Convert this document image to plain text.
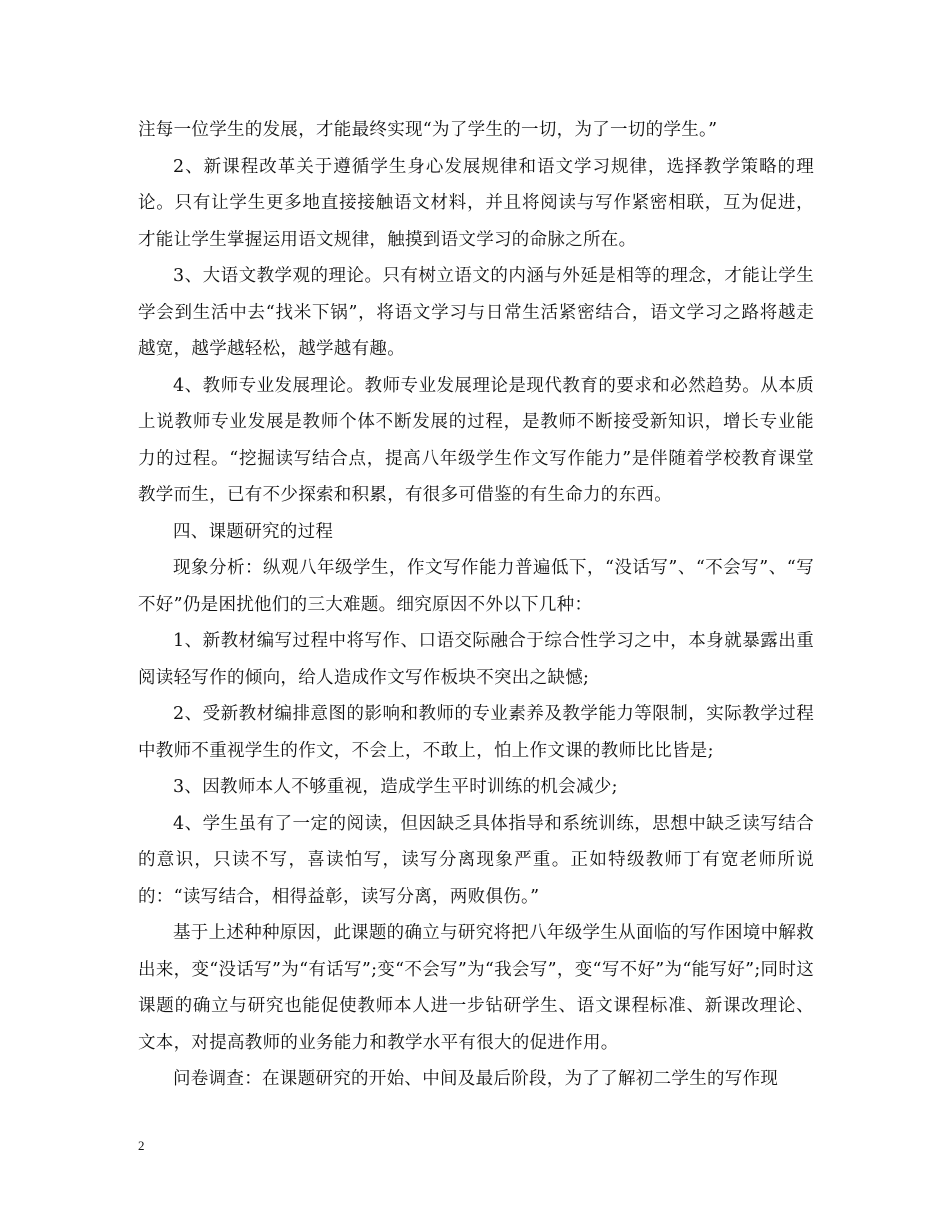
注每一位学生的发展，才能最终实现“为了学生的一切，为了一切的学生。”

2、新课程改革关于遵循学生身心发展规律和语文学习规律，选择教学策略的理论。只有让学生更多地直接接触语文材料，并且将阅读与写作紧密相联，互为促进，才能让学生掌握运用语文规律，触摸到语文学习的命脉之所在。

3、大语文教学观的理论。只有树立语文的内涵与外延是相等的理念，才能让学生学会到生活中去“找米下锅”，将语文学习与日常生活紧密结合，语文学习之路将越走越宽，越学越轻松，越学越有趣。

4、教师专业发展理论。教师专业发展理论是现代教育的要求和必然趋势。从本质上说教师专业发展是教师个体不断发展的过程，是教师不断接受新知识，增长专业能力的过程。“挖掘读写结合点，提高八年级学生作文写作能力”是伴随着学校教育课堂教学而生，已有不少探索和积累，有很多可借鉴的有生命力的东西。

四、课题研究的过程

现象分析：纵观八年级学生，作文写作能力普遍低下，“没话写”、“不会写”、“写不好”仍是困扰他们的三大难题。细究原因不外以下几种：

1、新教材编写过程中将写作、口语交际融合于综合性学习之中，本身就暴露出重阅读轻写作的倾向，给人造成作文写作板块不突出之缺憾;

2、受新教材编排意图的影响和教师的专业素养及教学能力等限制，实际教学过程中教师不重视学生的作文，不会上，不敢上，怕上作文课的教师比比皆是;

3、因教师本人不够重视，造成学生平时训练的机会减少;

4、学生虽有了一定的阅读，但因缺乏具体指导和系统训练，思想中缺乏读写结合的意识，只读不写，喜读怕写，读写分离现象严重。正如特级教师丁有宽老师所说的：“读写结合，相得益彰，读写分离，两败俱伤。”

基于上述种种原因，此课题的确立与研究将把八年级学生从面临的写作困境中解救出来，变“没话写”为“有话写”;变“不会写”为“我会写”，变“写不好”为“能写好”;同时这课题的确立与研究也能促使教师本人进一步钻研学生、语文课程标准、新课改理论、文本，对提高教师的业务能力和教学水平有很大的促进作用。

问卷调查：在课题研究的开始、中间及最后阶段，为了了解初二学生的写作现

2
